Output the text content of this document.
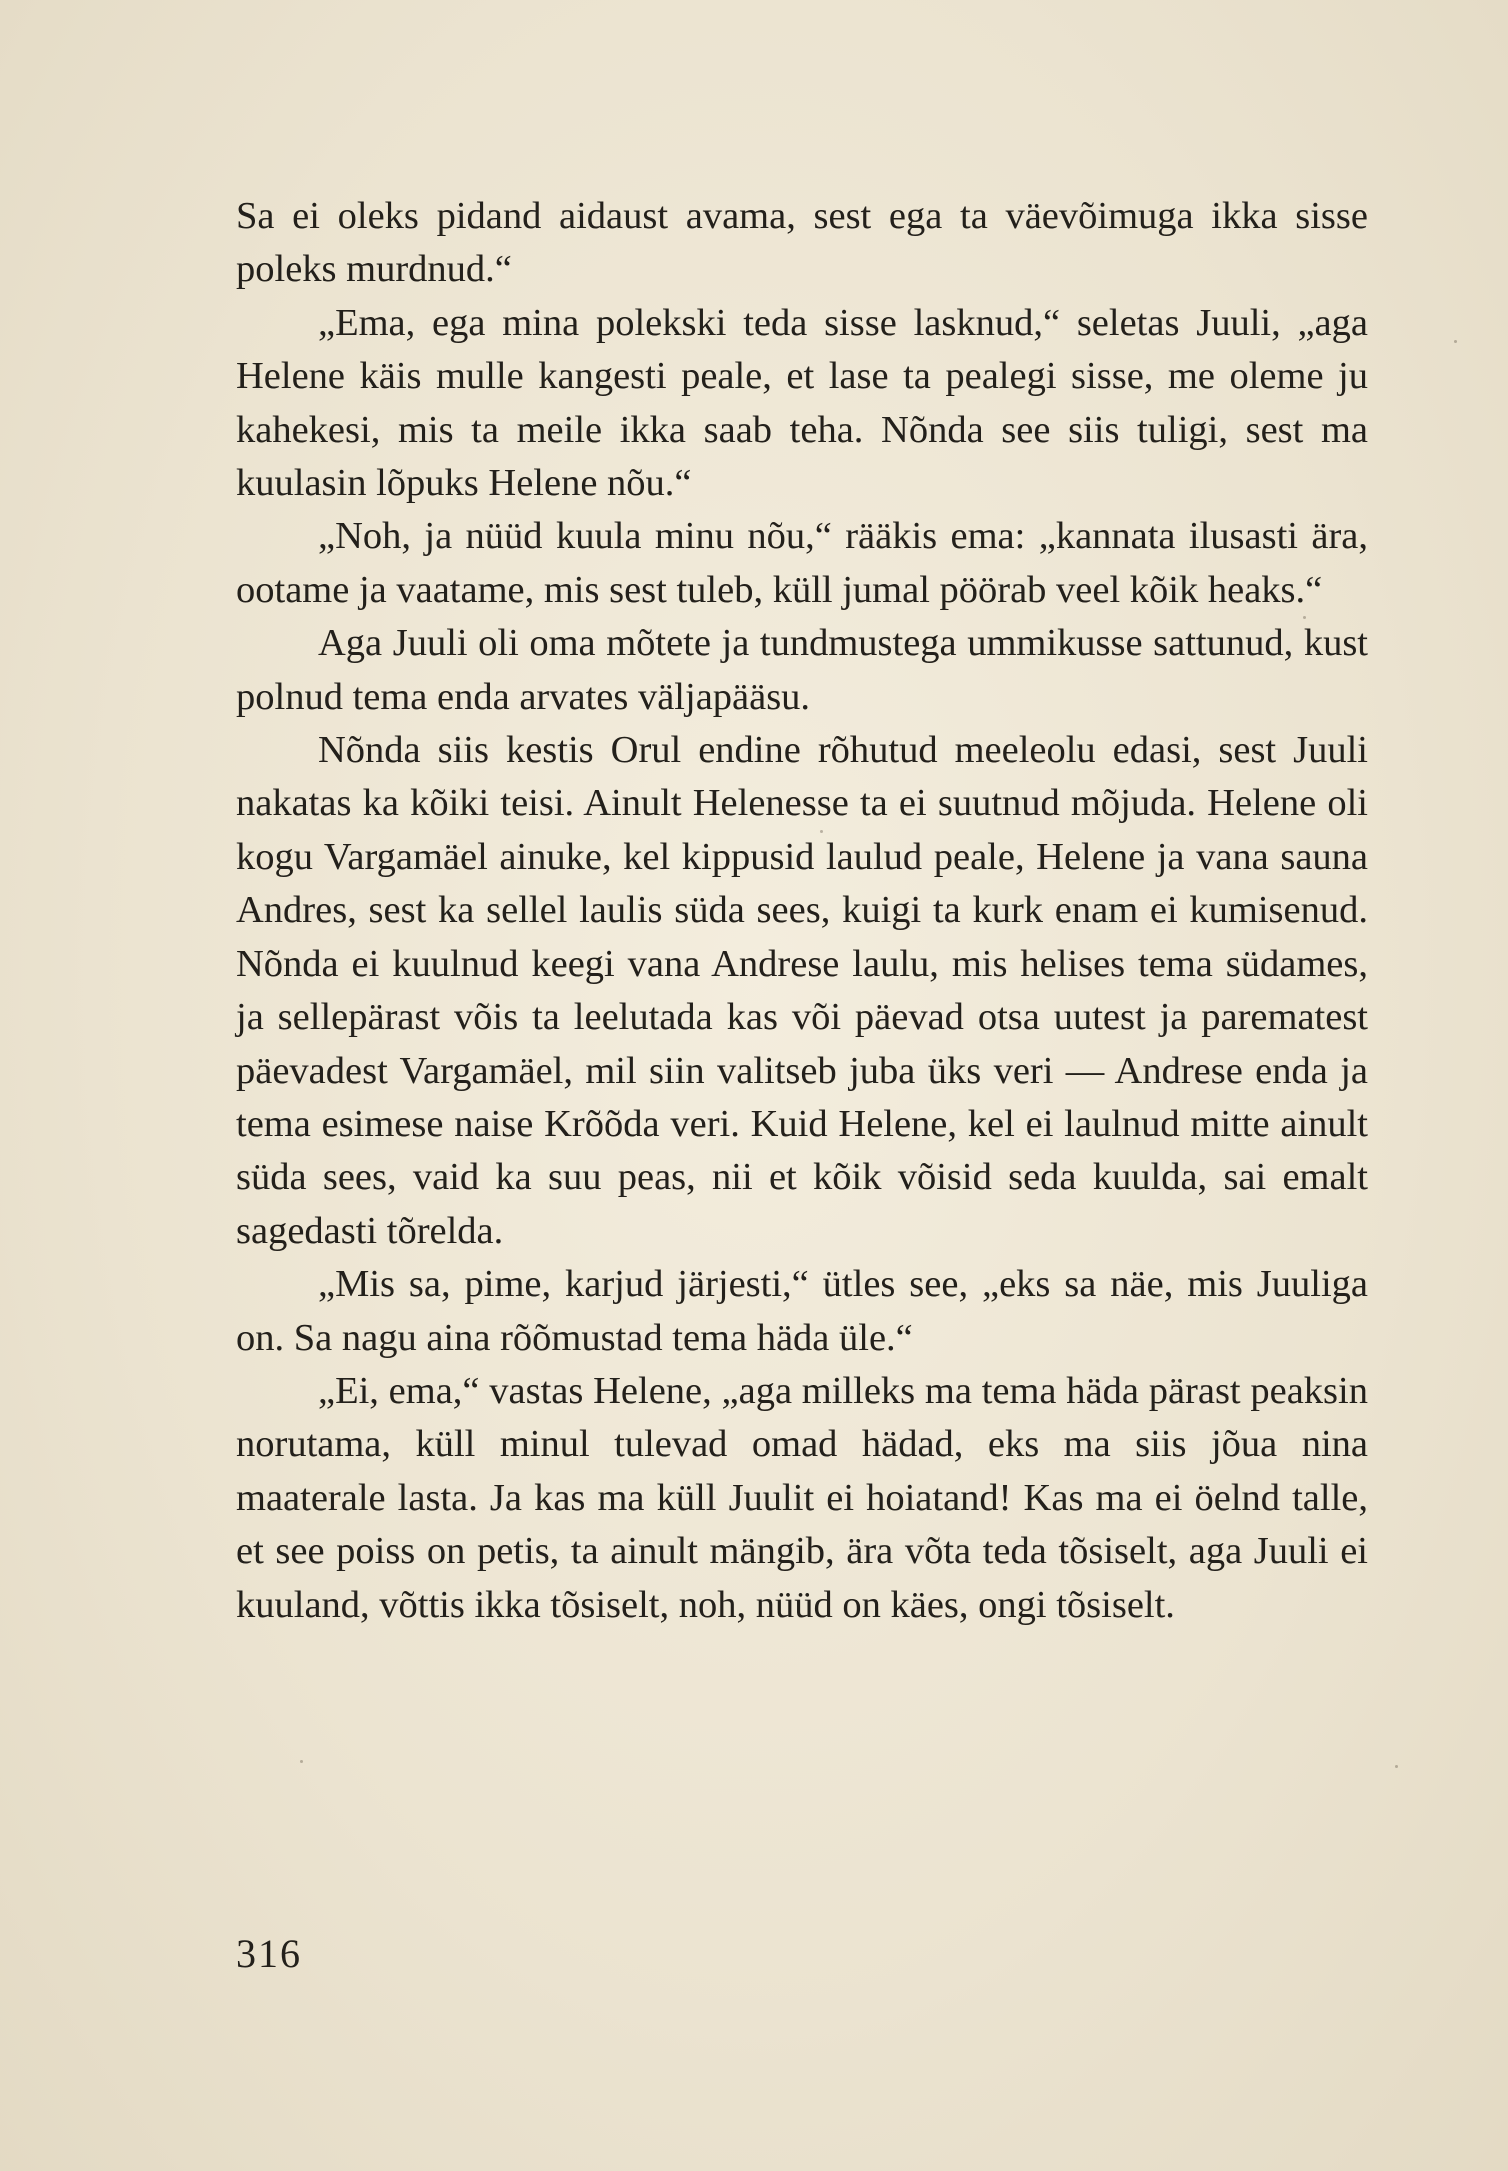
Sa ei oleks pidand aidaust avama, sest ega ta väevõimuga ikka sisse poleks murdnud.“

„Ema, ega mina polekski teda sisse lasknud,“ seletas Juuli, „aga Helene käis mulle kangesti peale, et lase ta pealegi sisse, me oleme ju kahekesi, mis ta meile ikka saab teha. Nõnda see siis tuligi, sest ma kuulasin lõpuks Helene nõu.“

„Noh, ja nüüd kuula minu nõu,“ rääkis ema: „kannata ilusasti ära, ootame ja vaatame, mis sest tuleb, küll jumal pöörab veel kõik heaks.“

Aga Juuli oli oma mõtete ja tundmustega ummikusse sattunud, kust polnud tema enda arvates väljapääsu.

Nõnda siis kestis Orul endine rõhutud meeleolu edasi, sest Juuli nakatas ka kõiki teisi. Ainult Helenesse ta ei suutnud mõjuda. Helene oli kogu Vargamäel ainuke, kel kippusid laulud peale, Helene ja vana sauna Andres, sest ka sellel laulis süda sees, kuigi ta kurk enam ei kumisenud. Nõnda ei kuulnud keegi vana Andrese laulu, mis helises tema südames, ja sellepärast võis ta leelutada kas või päevad otsa uutest ja parematest päevadest Vargamäel, mil siin valitseb juba üks veri — Andrese enda ja tema esimese naise Krõõda veri. Kuid Helene, kel ei laulnud mitte ainult süda sees, vaid ka suu peas, nii et kõik võisid seda kuulda, sai emalt sagedasti tõrelda.

„Mis sa, pime, karjud järjesti,“ ütles see, „eks sa näe, mis Juuliga on. Sa nagu aina rõõmustad tema häda üle.“

„Ei, ema,“ vastas Helene, „aga milleks ma tema häda pärast peaksin norutama, küll minul tulevad omad hädad, eks ma siis jõua nina maaterale lasta. Ja kas ma küll Juulit ei hoiatand! Kas ma ei öelnd talle, et see poiss on petis, ta ainult mängib, ära võta teda tõsiselt, aga Juuli ei kuuland, võttis ikka tõsiselt, noh, nüüd on käes, ongi tõsiselt.

316
